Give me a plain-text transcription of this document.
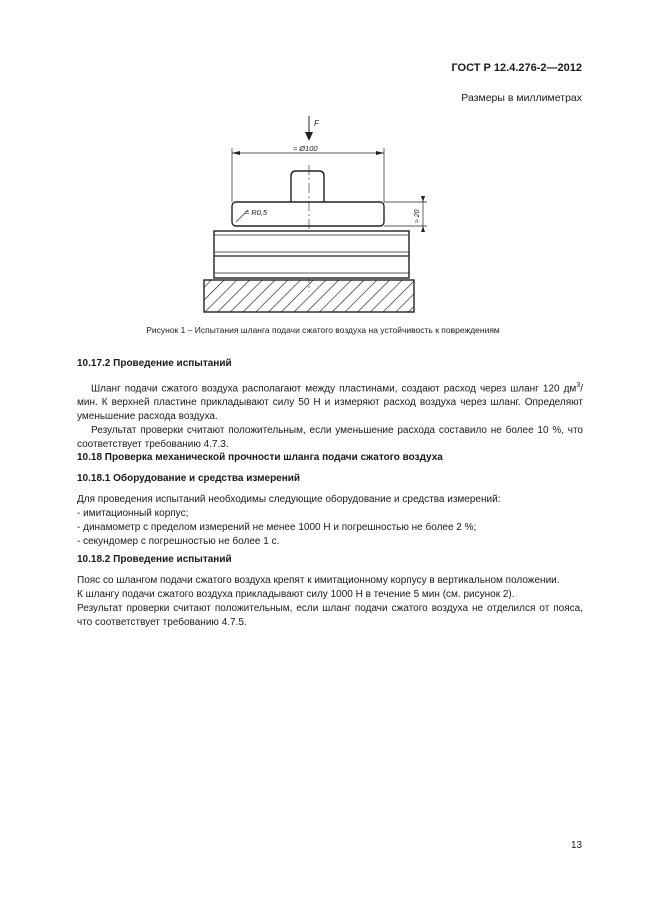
ГОСТ Р 12.4.276-2—2012
Размеры в миллиметрах
F
≈ Ø100
≈ R0,5	≈ 20
Рисунок 1 – Испытания шланга подачи сжатого воздуха на устойчивость к повреждениям

10.17.2 Проведение испытаний

Шланг подачи сжатого воздуха располагают между пластинами, создают расход через шланг 120 $дм^3$/мин. К верхней пластине прикладывают силу 50 Н и измеряют расход воздуха через шланг. Определяют уменьшение расхода воздуха.

Результат проверки считают положительным, если уменьшение расхода составило не более 10 %, что соответствует требованию 4.7.3.

10.18 Проверка механической прочности шланга подачи сжатого воздуха

10.18.1 Оборудование и средства измерений

Для проведения испытаний необходимы следующие оборудование и средства измерений:

- имитационный корпус;

- динамометр с пределом измерений не менее 1000 Н и погрешностью не более 2 %;

- секундомер с погрешностью не более 1 с.

10.18.2 Проведение испытаний

Пояс со шлангом подачи сжатого воздуха крепят к имитационному корпусу в вертикальном положении.

К шлангу подачи сжатого воздуха прикладывают силу 1000 Н в течение 5 мин (см. рисунок 2).

Результат проверки считают положительным, если шланг подачи сжатого воздуха не отделился от пояса, что соответствует требованию 4.7.5.

13
